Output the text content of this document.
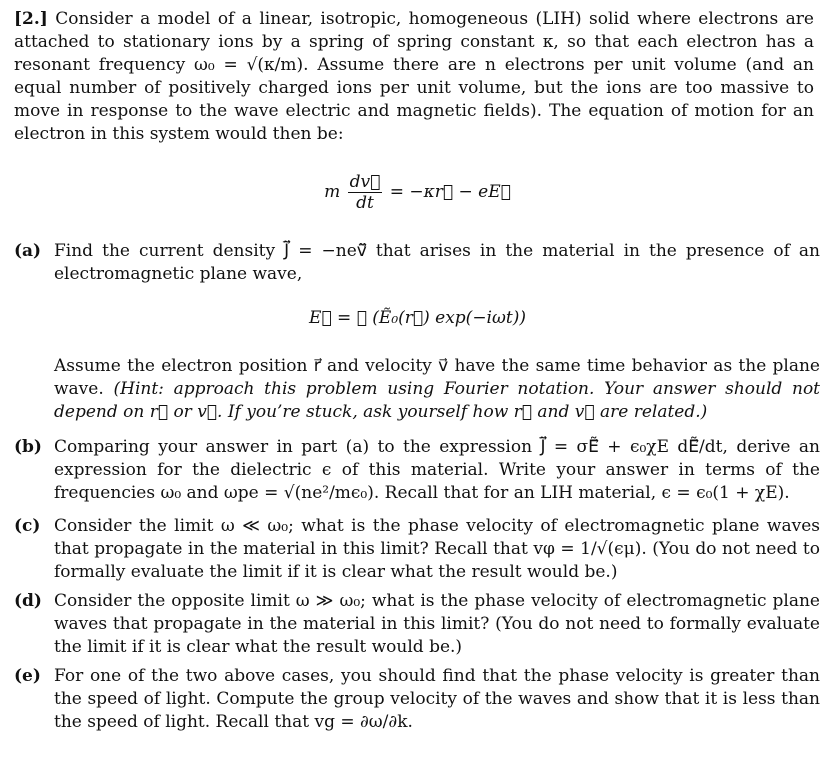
[2.] Consider a model of a linear, isotropic, homogeneous (LIH) solid where electrons are attached to stationary ions by a spring of spring constant κ, so that each electron has a resonant frequency ω₀ = √(κ/m). Assume there are n electrons per unit volume (and an equal number of positively charged ions per unit volume, but the ions are too massive to move in response to the wave electric and magnetic fields). The equation of motion for an electron in this system would then be:
m $\frac{dv⃗}{dt}$ = −κr⃗ − eE⃗
(a) Find the current density J̃⃗ = −neṽ⃗ that arises in the material in the presence of an electromagnetic plane wave,
E⃗ = ℜ (Ẽ₀(r⃗) exp(−iωt))
Assume the electron position r⃗ and velocity v⃗ have the same time behavior as the plane wave. (Hint: approach this problem using Fourier notation. Your answer should not depend on r⃗ or v⃗. If you’re stuck, ask yourself how r⃗ and v⃗ are related.)
(b) Comparing your answer in part (a) to the expression J̃⃗ = σẼ⃗ + ϵ₀χE dẼ⃗/dt, derive an expression for the dielectric ϵ of this material. Write your answer in terms of the frequencies ω₀ and ωpe = √(ne²/mϵ₀). Recall that for an LIH material, ϵ = ϵ₀(1 + χE).
(c) Consider the limit ω ≪ ω₀; what is the phase velocity of electromagnetic plane waves that propagate in the material in this limit? Recall that vφ = 1/√(ϵμ). (You do not need to formally evaluate the limit if it is clear what the result would be.)
(d) Consider the opposite limit ω ≫ ω₀; what is the phase velocity of electromagnetic plane waves that propagate in the material in this limit? (You do not need to formally evaluate the limit if it is clear what the result would be.)
(e) For one of the two above cases, you should find that the phase velocity is greater than the speed of light. Compute the group velocity of the waves and show that it is less than the speed of light. Recall that vg = ∂ω/∂k.
